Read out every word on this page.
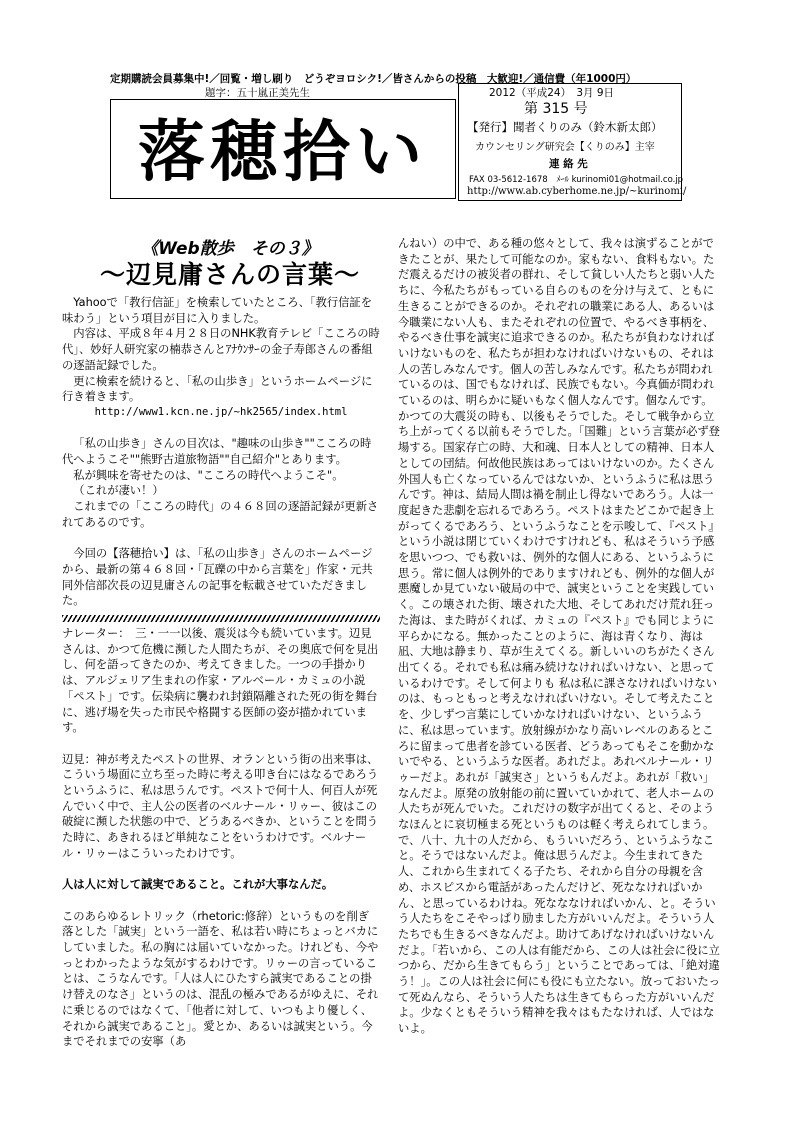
定期購読会員募集中!／回覧・増し刷り　どうぞヨロシク!／皆さんからの投稿　大歓迎!／通信費（年1000円）
題字：五十嵐正美先生
落穂拾い
2012（平成24）　3月 9日
第 315 号
【発行】聞者くりのみ（鈴木新太郎）
カウンセリング研究会【くりのみ】主宰
連 絡 先
FAX 03-5612-1678　ﾒｰﾙ kurinomi01@hotmail.co.jp
http://www.ab.cyberhome.ne.jp/~kurinomi/
《Web散歩　その３》
～辺見庸さんの言葉～

Yahooで「教行信証」を検索していたところ、「教行信証を味わう」という項目が目に入りました。

内容は、平成８年４月２８日のNHK教育テレビ「こころの時代」、妙好人研究家の楠恭さんとｱﾅｳﾝｻｰの金子寿郎さんの番組の逐語記録でした。

更に検索を続けると、「私の山歩き」というホームページに行き着きます。

http://www1.kcn.ne.jp/~hk2565/index.html

「私の山歩き」さんの目次は、"趣味の山歩き""こころの時代へようこそ""熊野古道旅物語""自己紹介"とあります。

私が興味を寄せたのは、"こころの時代へようこそ"。

（これが凄い！）

これまでの「こころの時代」の４６８回の逐語記録が更新されてあるのです。

今回の【落穂拾い】は、「私の山歩き」さんのホームページから、最新の第４６８回・「瓦礫の中から言葉を」作家・元共同外信部次長の辺見庸さんの記事を転載させていただきました。

ナレーター：　三・一一以後、震災は今も続いています。辺見さんは、かつて危機に瀕した人間たちが、その奥底で何を見出し、何を語ってきたのか、考えてきました。一つの手掛かりは、アルジェリア生まれの作家・アルベール・カミュの小説「ペスト」です。伝染病に襲われ封鎖隔離された死の街を舞台に、逃げ場を失った市民や格闘する医師の姿が描かれています。

辺見：神が考えたペストの世界、オランという街の出来事は、こういう場面に立ち至った時に考える叩き台にはなるであろうというふうに、私は思うんです。ペストで何十人、何百人が死んでいく中で、主人公の医者のベルナール・リゥー、彼はこの破綻に瀕した状態の中で、どうあるべきか、ということを問うた時に、あきれるほど単純なことをいうわけです。ベルナール・リゥーはこういったわけです。

人は人に対して誠実であること。これが大事なんだ。

このあらゆるレトリック（rhetoric:修辞）というものを削ぎ落とした「誠実」という一語を、私は若い時にちょっとバカにしていました。私の胸には届いていなかった。けれども、今やっとわかったような気がするわけです。リゥーの言っていることは、こうなんです。「人は人にひたすら誠実であることの掛け替えのなさ」というのは、混乱の極みであるがゆえに、それに乗じるのではなくて、「他者に対して、いつもより優しく、それから誠実であること」。愛とか、あるいは誠実という。今までそれまでの安寧（あ

んねい）の中で、ある種の悠々として、我々は演ずることができたことが、果たして可能なのか。家もない、食料もない。ただ震えるだけの被災者の群れ、そして貧しい人たちと弱い人たちに、今私たちがもっている自らのものを分け与えて、ともに生きることができるのか。それぞれの職業にある人、あるいは今職業にない人も、またそれぞれの位置で、やるべき事柄を、やるべき仕事を誠実に追求できるのか。私たちが負わなければいけないものを、私たちが担わなければいけないもの、それは人の苦しみなんです。個人の苦しみなんです。私たちが問われているのは、国でもなければ、民族でもない。今真価が問われているのは、明らかに疑いもなく個人なんです。個なんです。かつての大震災の時も、以後もそうでした。そして戦争から立ち上がってくる以前もそうでした。「国難」という言葉が必ず登場する。国家存亡の時、大和魂、日本人としての精神、日本人としての団結。何故他民族はあってはいけないのか。たくさん外国人も亡くなっているんではないか、というふうに私は思うんです。神は、結局人間は禍を制止し得ないであろう。人は一度起きた悲劇を忘れるであろう。ペストはまたどこかで起き上がってくるであろう、というふうなことを示唆して、『ペスト』という小説は閉じていくわけですけれども、私はそういう予感を思いつつ、でも救いは、例外的な個人にある、というふうに思う。常に個人は例外的でありますけれども、例外的な個人が悪魔しか見ていない破局の中で、誠実ということを実践していく。この壊された街、壊された大地、そしてあれだけ荒れ狂った海は、また時がくれば、カミュの『ペスト』でも同じように平らかになる。無かったことのように、海は青くなり、海は凪、大地は静まり、草が生えてくる。新しいいのちがたくさん出てくる。それでも私は痛み続けなければいけない、と思っているわけです。そして何よりも 私は私に課さなければいけないのは、もっともっと考えなければいけない。そして考えたことを、少しずつ言葉にしていかなければいけない、というふうに、私は思っています。放射線がかなり高いレベルのあるところに留まって患者を診ている医者、どうあってもそこを動かないでやる、というふうな医者。あれだよ。あれベルナール・リゥーだよ。あれが「誠実さ」というもんだよ。あれが「救い」なんだよ。原発の放射能の前に置いていかれて、老人ホームの人たちが死んでいた。これだけの数字が出てくると、そのようなほんとに哀切極まる死というものは軽く考えられてしまう。で、八十、九十の人だから、もういいだろう、というふうなこと。そうではないんだよ。俺は思うんだよ。今生まれてきた人、これから生まれてくる子たち、それから自分の母親を含め、ホスピスから電話があったんだけど、死ななければいかん、と思っているわけね。死なななければいかん、と。そういう人たちをこそやっぱり励ました方がいいんだよ。そういう人たちでも生きるべきなんだよ。助けてあげなければいけないんだよ。「若いから、この人は有能だから、この人は社会に役に立つから、だから生きてもらう」ということであっては、「絶対違う！」。この人は社会に何にも役にも立たない。放っておいたって死ぬんなら、そういう人たちは生きてもらった方がいいんだよ。少なくともそういう精神を我々はもたなければ、人ではないよ。
